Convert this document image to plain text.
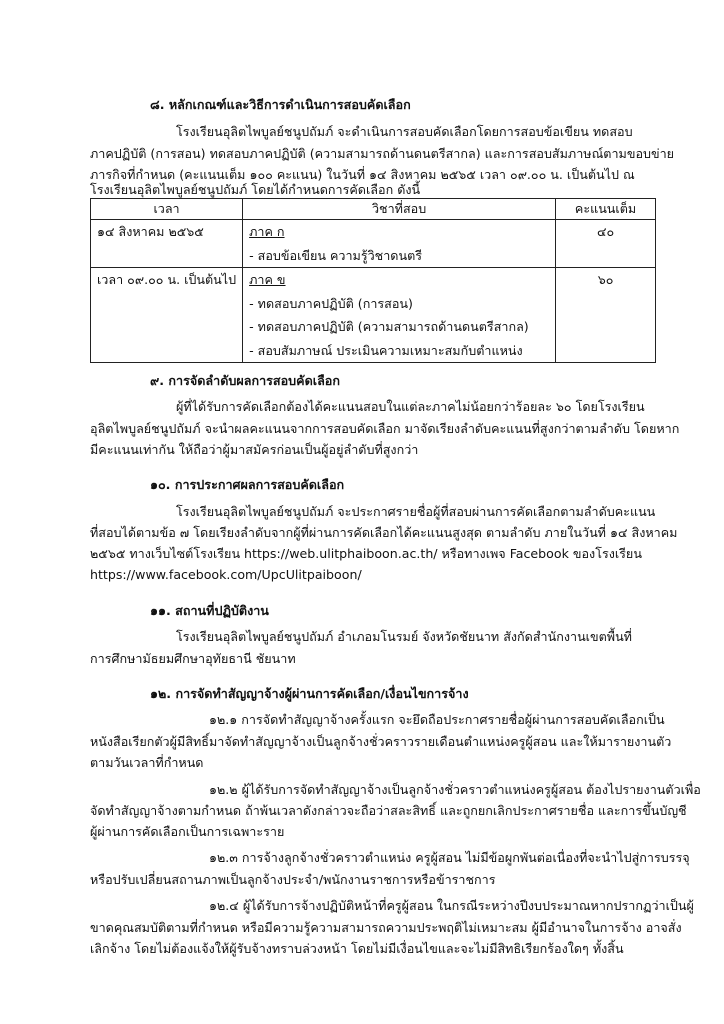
๘. หลักเกณฑ์และวิธีการดำเนินการสอบคัดเลือก
โรงเรียนอุลิตไพบูลย์ชนูปถัมภ์ จะดำเนินการสอบคัดเลือกโดยการสอบข้อเขียน ทดสอบ
ภาคปฏิบัติ (การสอน) ทดสอบภาคปฏิบัติ (ความสามารถด้านดนตรีสากล) และการสอบสัมภาษณ์ตามขอบข่าย
ภารกิจที่กำหนด (คะแนนเต็ม ๑๐๐ คะแนน) ในวันที่ ๑๔ สิงหาคม ๒๕๖๕ เวลา ๐๙.๐๐ น. เป็นต้นไป ณ
โรงเรียนอุลิตไพบูลย์ชนูปถัมภ์ โดยได้กำหนดการคัดเลือก ดังนี้
เวลา	วิชาที่สอบ	คะแนนเต็ม

๑๔ สิงหาคม ๒๕๖๕	ภาค ก
- สอบข้อเขียน ความรู้วิชาดนตรี	๔๐

เวลา ๐๙.๐๐ น. เป็นต้นไป	ภาค ข
- ทดสอบภาคปฏิบัติ (การสอน)
- ทดสอบภาคปฏิบัติ (ความสามารถด้านดนตรีสากล)
- สอบสัมภาษณ์ ประเมินความเหมาะสมกับตำแหน่ง	๖๐
๙. การจัดลำดับผลการสอบคัดเลือก
ผู้ที่ได้รับการคัดเลือกต้องได้คะแนนสอบในแต่ละภาคไม่น้อยกว่าร้อยละ ๖๐ โดยโรงเรียน
อุลิตไพบูลย์ชนูปถัมภ์ จะนำผลคะแนนจากการสอบคัดเลือก มาจัดเรียงลำดับคะแนนที่สูงกว่าตามลำดับ โดยหาก
มีคะแนนเท่ากัน ให้ถือว่าผู้มาสมัครก่อนเป็นผู้อยู่ลำดับที่สูงกว่า
๑๐. การประกาศผลการสอบคัดเลือก
โรงเรียนอุลิตไพบูลย์ชนูปถัมภ์ จะประกาศรายชื่อผู้ที่สอบผ่านการคัดเลือกตามลำดับคะแนน
ที่สอบได้ตามข้อ ๗ โดยเรียงลำดับจากผู้ที่ผ่านการคัดเลือกได้คะแนนสูงสุด ตามลำดับ ภายในวันที่ ๑๔ สิงหาคม
๒๕๖๕ ทางเว็บไซต์โรงเรียน https://web.ulitphaiboon.ac.th/ หรือทางเพจ Facebook ของโรงเรียน
https://www.facebook.com/UpcUlitpaiboon/
๑๑. สถานที่ปฏิบัติงาน
โรงเรียนอุลิตไพบูลย์ชนูปถัมภ์ อำเภอมโนรมย์ จังหวัดชัยนาท สังกัดสำนักงานเขตพื้นที่
การศึกษามัธยมศึกษาอุทัยธานี ชัยนาท
๑๒. การจัดทำสัญญาจ้างผู้ผ่านการคัดเลือก/เงื่อนไขการจ้าง
๑๒.๑ การจัดทำสัญญาจ้างครั้งแรก จะยึดถือประกาศรายชื่อผู้ผ่านการสอบคัดเลือกเป็น
หนังสือเรียกตัวผู้มีสิทธิ์มาจัดทำสัญญาจ้างเป็นลูกจ้างชั่วคราวรายเดือนตำแหน่งครูผู้สอน และให้มารายงานตัว
ตามวันเวลาที่กำหนด
๑๒.๒ ผู้ได้รับการจัดทำสัญญาจ้างเป็นลูกจ้างชั่วคราวตำแหน่งครูผู้สอน ต้องไปรายงานตัวเพื่อ
จัดทำสัญญาจ้างตามกำหนด ถ้าพ้นเวลาดังกล่าวจะถือว่าสละสิทธิ์ และถูกยกเลิกประกาศรายชื่อ และการขึ้นบัญชี
ผู้ผ่านการคัดเลือกเป็นการเฉพาะราย
๑๒.๓ การจ้างลูกจ้างชั่วคราวตำแหน่ง ครูผู้สอน ไม่มีข้อผูกพันต่อเนื่องที่จะนำไปสู่การบรรจุ
หรือปรับเปลี่ยนสถานภาพเป็นลูกจ้างประจำ/พนักงานราชการหรือข้าราชการ
๑๒.๔ ผู้ได้รับการจ้างปฏิบัติหน้าที่ครูผู้สอน ในกรณีระหว่างปีงบประมาณหากปรากฏว่าเป็นผู้
ขาดคุณสมบัติตามที่กำหนด หรือมีความรู้ความสามารถความประพฤติไม่เหมาะสม ผู้มีอำนาจในการจ้าง อาจสั่ง
เลิกจ้าง โดยไม่ต้องแจ้งให้ผู้รับจ้างทราบล่วงหน้า โดยไม่มีเงื่อนไขและจะไม่มีสิทธิเรียกร้องใดๆ ทั้งสิ้น
